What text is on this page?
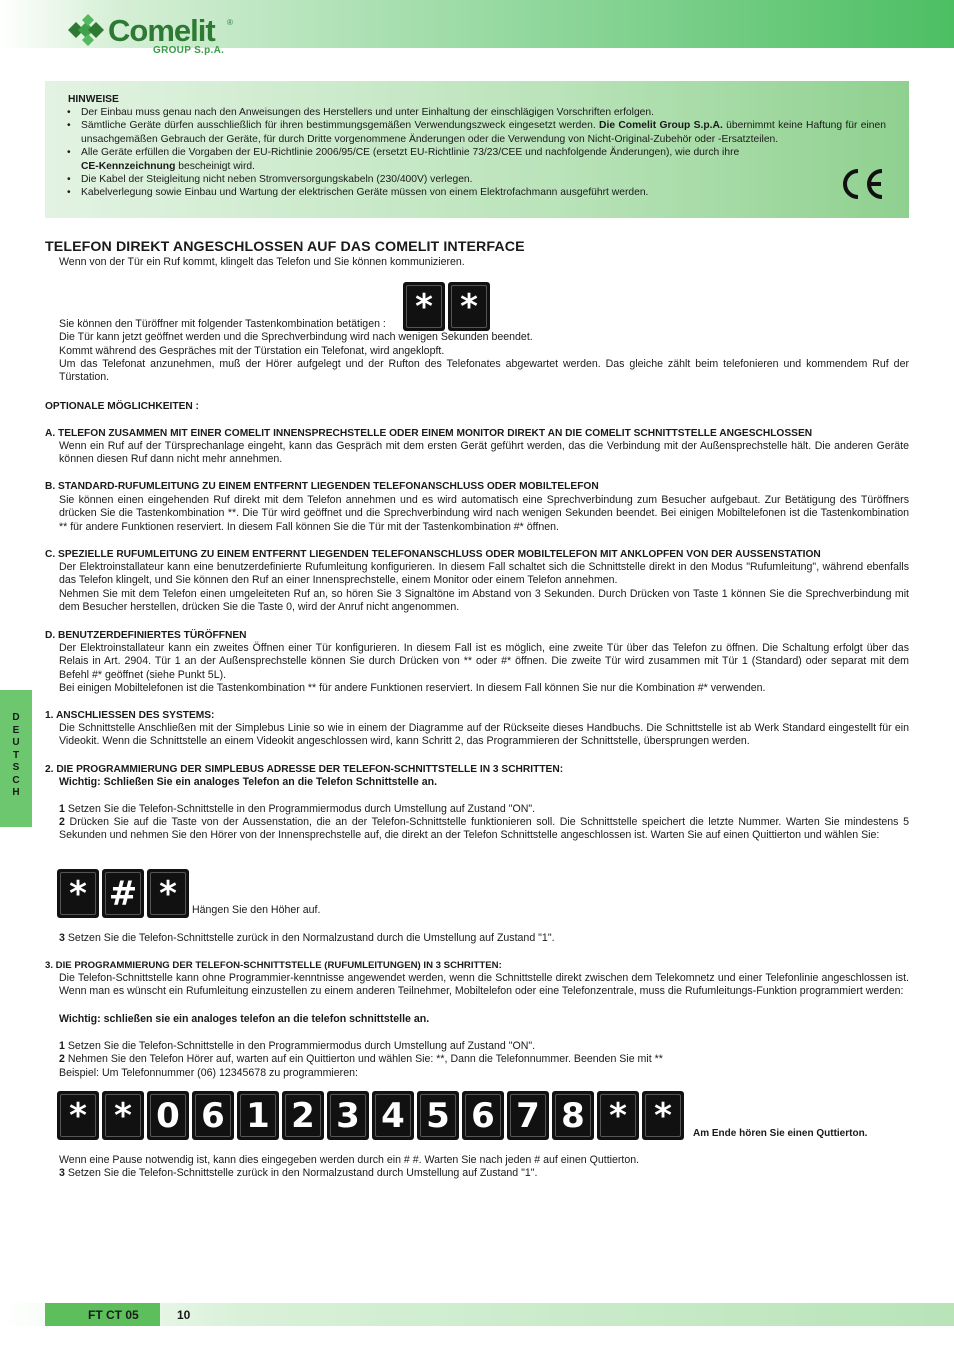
Comelit ®
GROUP S.p.A.
HINWEISE
• Der Einbau muss genau nach den Anweisungen des Herstellers und unter Einhaltung der einschlägigen Vorschriften erfolgen.
• Sämtliche Geräte dürfen ausschließlich für ihren bestimmungsgemäßen Verwendungszweck eingesetzt werden. Die Comelit Group S.p.A. übernimmt keine Haftung für einen unsachgemäßen Gebrauch der Geräte, für durch Dritte vorgenommene Änderungen oder die Verwendung von Nicht-Original-Zubehör oder -Ersatzteilen.
• Alle Geräte erfüllen die Vorgaben der EU-Richtlinie 2006/95/CE (ersetzt EU-Richtlinie 73/23/CEE und nachfolgende Änderungen), wie durch ihre
CE-Kennzeichnung bescheinigt wird.
• Die Kabel der Steigleitung nicht neben Stromversorgungskabeln (230/400V) verlegen.
• Kabelverlegung sowie Einbau und Wartung der elektrischen Geräte müssen von einem Elektrofachmann ausgeführt werden.
TELEFON DIREKT ANGESCHLOSSEN AUF DAS COMELIT INTERFACE
Wenn von der Tür ein Ruf kommt, klingelt das Telefon und Sie können kommunizieren.
* *
Sie können den Türöffner mit folgender Tastenkombination betätigen :
Die Tür kann jetzt geöffnet werden und die Sprechverbindung wird nach wenigen Sekunden beendet.
Kommt während des Gespräches mit der Türstation ein Telefonat, wird angeklopft.
Um das Telefonat anzunehmen, muß der Hörer aufgelegt und der Rufton des Telefonates abgewartet werden. Das gleiche zählt beim telefonieren und kommendem Ruf der Türstation.
OPTIONALE MÖGLICHKEITEN :
A. TELEFON ZUSAMMEN MIT EINER COMELIT INNENSPRECHSTELLE ODER EINEM MONITOR DIREKT AN DIE COMELIT SCHNITTSTELLE ANGESCHLOSSEN
Wenn ein Ruf auf der Türsprechanlage eingeht, kann das Gespräch mit dem ersten Gerät geführt werden, das die Verbindung mit der Außensprechstelle hält. Die anderen Geräte können diesen Ruf dann nicht mehr annehmen.
B. STANDARD-RUFUMLEITUNG ZU EINEM ENTFERNT LIEGENDEN TELEFONANSCHLUSS ODER MOBILTELEFON
Sie können einen eingehenden Ruf direkt mit dem Telefon annehmen und es wird automatisch eine Sprechverbindung zum Besucher aufgebaut. Zur Betätigung des Türöffners drücken Sie die Tastenkombination **. Die Tür wird geöffnet und die Sprechverbindung wird nach wenigen Sekunden beendet. Bei einigen Mobiltelefonen ist die Tastenkombination ** für andere Funktionen reserviert. In diesem Fall können Sie die Tür mit der Tastenkombination #* öffnen.
C. SPEZIELLE RUFUMLEITUNG ZU EINEM ENTFERNT LIEGENDEN TELEFONANSCHLUSS ODER MOBILTELEFON MIT ANKLOPFEN VON DER AUSSENSTATION
Der Elektroinstallateur kann eine benutzerdefinierte Rufumleitung konfigurieren. In diesem Fall schaltet sich die Schnittstelle direkt in den Modus "Rufumleitung", während ebenfalls das Telefon klingelt, und Sie können den Ruf an einer Innensprechstelle, einem Monitor oder einem Telefon annehmen.
Nehmen Sie mit dem Telefon einen umgeleiteten Ruf an, so hören Sie 3 Signaltöne im Abstand von 3 Sekunden. Durch Drücken von Taste 1 können Sie die Sprechverbindung mit dem Besucher herstellen, drücken Sie die Taste 0, wird der Anruf nicht angenommen.
D. BENUTZERDEFINIERTES TÜRÖFFNEN
Der Elektroinstallateur kann ein zweites Öffnen einer Tür konfigurieren. In diesem Fall ist es möglich, eine zweite Tür über das Telefon zu öffnen. Die Schaltung erfolgt über das Relais in Art. 2904. Tür 1 an der Außensprechstelle können Sie durch Drücken von ** oder #* öffnen. Die zweite Tür wird zusammen mit Tür 1 (Standard) oder separat mit dem Befehl #* geöffnet (siehe Punkt 5L).
Bei einigen Mobiltelefonen ist die Tastenkombination ** für andere Funktionen reserviert. In diesem Fall können Sie nur die Kombination #* verwenden.
D
E
U
T
S
C
H
1. ANSCHLIESSEN DES SYSTEMS:
Die Schnittstelle Anschließen mit der Simplebus Linie so wie in einem der Diagramme auf der Rückseite dieses Handbuchs. Die Schnittstelle ist ab Werk Standard eingestellt für ein Videokit. Wenn die Schnittstelle an einem Videokit angeschlossen wird, kann Schritt 2, das Programmieren der Schnittstelle, übersprungen werden.
2. DIE PROGRAMMIERUNG DER SIMPLEBUS ADRESSE DER TELEFON-SCHNITTSTELLE IN 3 SCHRITTEN:
Wichtig: Schließen Sie ein analoges Telefon an die Telefon Schnittstelle an.
1 Setzen Sie die Telefon-Schnittstelle in den Programmiermodus durch Umstellung auf Zustand "ON".
2 Drücken Sie auf die Taste von der Aussenstation, die an der Telefon-Schnittstelle funktionieren soll. Die Schnittstelle speichert die letzte Nummer. Warten Sie mindestens 5 Sekunden und nehmen Sie den Hörer von der Innensprechstelle auf, die direkt an der Telefon Schnittstelle angeschlossen ist. Warten Sie auf einen Quittierton und wählen Sie:
* # *	Hängen Sie den Höher auf.
3 Setzen Sie die Telefon-Schnittstelle zurück in den Normalzustand durch die Umstellung auf Zustand "1".
3. DIE PROGRAMMIERUNG DER TELEFON-SCHNITTSTELLE (RUFUMLEITUNGEN) IN 3 SCHRITTEN:
Die Telefon-Schnittstelle kann ohne Programmier-kenntnisse angewendet werden, wenn die Schnittstelle direkt zwischen dem Telekomnetz und einer Telefonlinie angeschlossen ist. Wenn man es wünscht ein Rufumleitung einzustellen zu einem anderen Teilnehmer, Mobiltelefon oder eine Telefonzentrale, muss die Rufumleitungs-Funktion programmiert werden:
Wichtig: schließen sie ein analoges telefon an die telefon schnittstelle an.
1 Setzen Sie die Telefon-Schnittstelle in den Programmiermodus durch Umstellung auf Zustand "ON".
2 Nehmen Sie den Telefon Hörer auf, warten auf ein Quittierton und wählen Sie: **, Dann die Telefonnummer. Beenden Sie mit **
Beispiel: Um Telefonnummer (06) 12345678 zu programmieren:
* * 0 6 1 2 3 4 5 6 7 8 * *	Am Ende hören Sie einen Quttierton.
Wenn eine Pause notwendig ist, kann dies eingegeben werden durch ein # #. Warten Sie nach jeden # auf einen Quttierton.
3 Setzen Sie die Telefon-Schnittstelle zurück in den Normalzustand durch Umstellung auf Zustand "1".
FT CT 05	10
